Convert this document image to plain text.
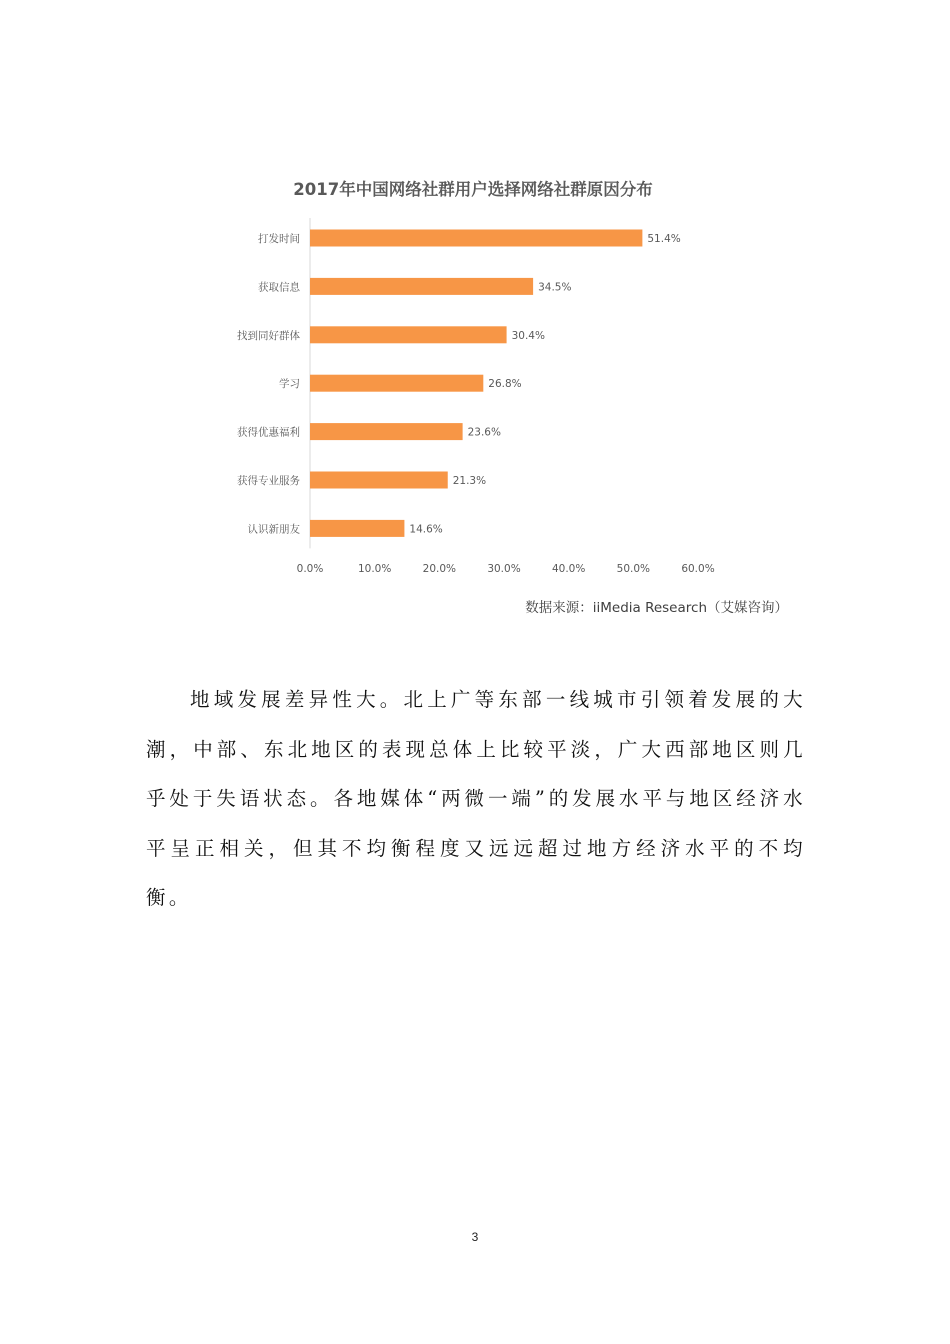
2017年中国网络社群用户选择网络社群原因分布
打发时间	51.4%
获取信息	34.5%
找到同好群体	30.4%
学习	26.8%
获得优惠福利	23.6%
获得专业服务	21.3%
认识新朋友	14.6%
0.0%	10.0%	20.0%	30.0%	40.0%	50.0%	60.0%
数据来源：iiMedia Research（艾媒咨询）

地域发展差异性大。北上广等东部一线城市引领着发展的大潮，中部、东北地区的表现总体上比较平淡，广大西部地区则几乎处于失语状态。各地媒体“两微一端”的发展水平与地区经济水平呈正相关，但其不均衡程度又远远超过地方经济水平的不均衡。

3
